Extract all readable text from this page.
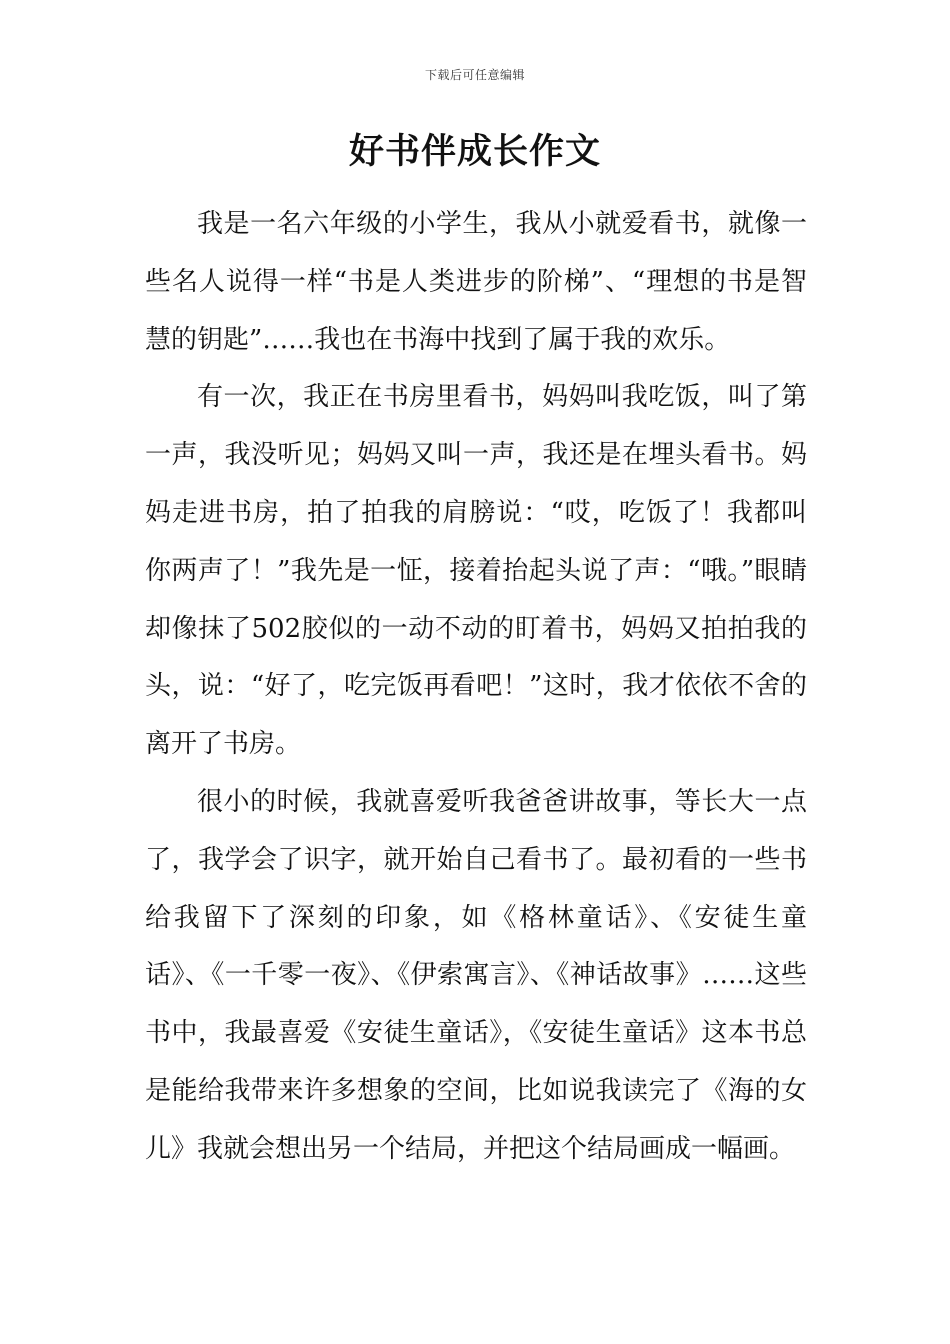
下载后可任意编辑
好书伴成长作文

我是一名六年级的小学生，我从小就爱看书，就像一些名人说得一样“书是人类进步的阶梯”、“理想的书是智慧的钥匙”……我也在书海中找到了属于我的欢乐。

有一次，我正在书房里看书，妈妈叫我吃饭，叫了第一声，我没听见；妈妈又叫一声，我还是在埋头看书。妈妈走进书房，拍了拍我的肩膀说：“哎，吃饭了！我都叫你两声了！”我先是一怔，接着抬起头说了声：“哦。”眼睛却像抹了502胶似的一动不动的盯着书，妈妈又拍拍我的头，说：“好了，吃完饭再看吧！”这时，我才依依不舍的离开了书房。

很小的时候，我就喜爱听我爸爸讲故事，等长大一点了，我学会了识字，就开始自己看书了。最初看的一些书给我留下了深刻的印象，如《格林童话》、《安徒生童话》、《一千零一夜》、《伊索寓言》、《神话故事》……这些书中，我最喜爱《安徒生童话》，《安徒生童话》这本书总是能给我带来许多想象的空间，比如说我读完了《海的女儿》我就会想出另一个结局，并把这个结局画成一幅画。
